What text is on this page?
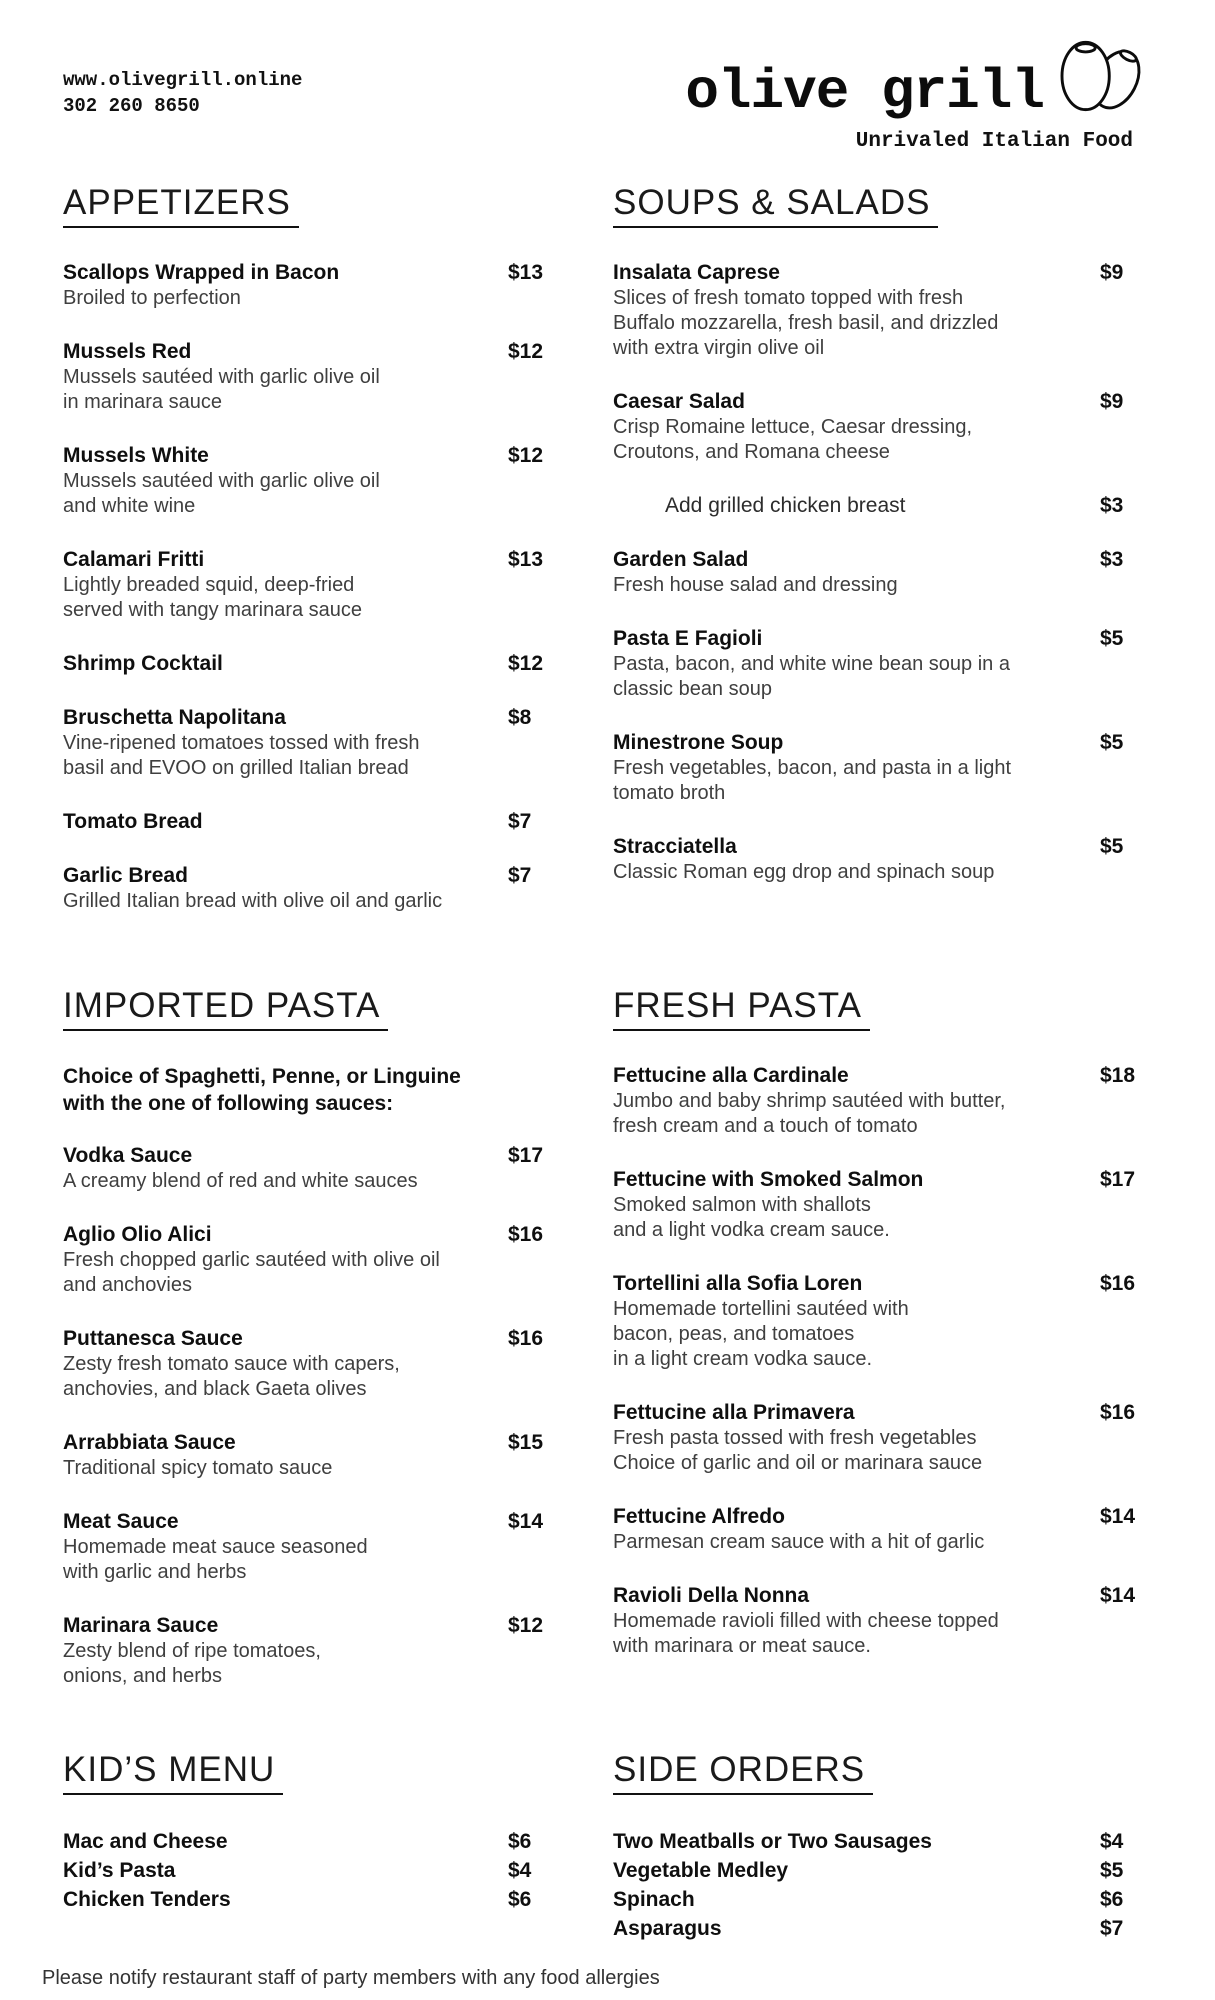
www.olivegrill.online
302 260 8650	olive grill
Unrivaled Italian Food
APPETIZERS
Scallops Wrapped in Bacon	$13
Broiled to perfection
Mussels Red	$12
Mussels sautéed with garlic olive oil
in marinara sauce
Mussels White	$12
Mussels sautéed with garlic olive oil
and white wine
Calamari Fritti	$13
Lightly breaded squid, deep-fried
served with tangy marinara sauce
Shrimp Cocktail	$12
Bruschetta Napolitana	$8
Vine-ripened tomatoes tossed with fresh
basil and EVOO on grilled Italian bread
Tomato Bread	$7
Garlic Bread	$7
Grilled Italian bread with olive oil and garlic
SOUPS & SALADS
Insalata Caprese	$9
Slices of fresh tomato topped with fresh
Buffalo mozzarella, fresh basil, and drizzled
with extra virgin olive oil
Caesar Salad	$9
Crisp Romaine lettuce, Caesar dressing,
Croutons, and Romana cheese
Add grilled chicken breast	$3
Garden Salad	$3
Fresh house salad and dressing
Pasta E Fagioli	$5
Pasta, bacon, and white wine bean soup in a
classic bean soup
Minestrone Soup	$5
Fresh vegetables, bacon, and pasta in a light
tomato broth
Stracciatella	$5
Classic Roman egg drop and spinach soup
IMPORTED PASTA
Choice of Spaghetti, Penne, or Linguine
with the one of following sauces:
Vodka Sauce	$17
A creamy blend of red and white sauces
Aglio Olio Alici	$16
Fresh chopped garlic sautéed with olive oil
and anchovies
Puttanesca Sauce	$16
Zesty fresh tomato sauce with capers,
anchovies, and black Gaeta olives
Arrabbiata Sauce	$15
Traditional spicy tomato sauce
Meat Sauce	$14
Homemade meat sauce seasoned
with garlic and herbs
Marinara Sauce	$12
Zesty blend of ripe tomatoes,
onions, and herbs
FRESH PASTA
Fettucine alla Cardinale	$18
Jumbo and baby shrimp sautéed with butter,
fresh cream and a touch of tomato
Fettucine with Smoked Salmon	$17
Smoked salmon with shallots
and a light vodka cream sauce.
Tortellini alla Sofia Loren	$16
Homemade tortellini sautéed with
bacon, peas, and tomatoes
in a light cream vodka sauce.
Fettucine alla Primavera	$16
Fresh pasta tossed with fresh vegetables
Choice of garlic and oil or marinara sauce
Fettucine Alfredo	$14
Parmesan cream sauce with a hit of garlic
Ravioli Della Nonna	$14
Homemade ravioli filled with cheese topped
with marinara or meat sauce.
KID’S MENU
Mac and Cheese	$6
Kid’s Pasta	$4
Chicken Tenders	$6
SIDE ORDERS
Two Meatballs or Two Sausages	$4
Vegetable Medley	$5
Spinach	$6
Asparagus	$7

Please notify restaurant staff of party members with any food allergies
